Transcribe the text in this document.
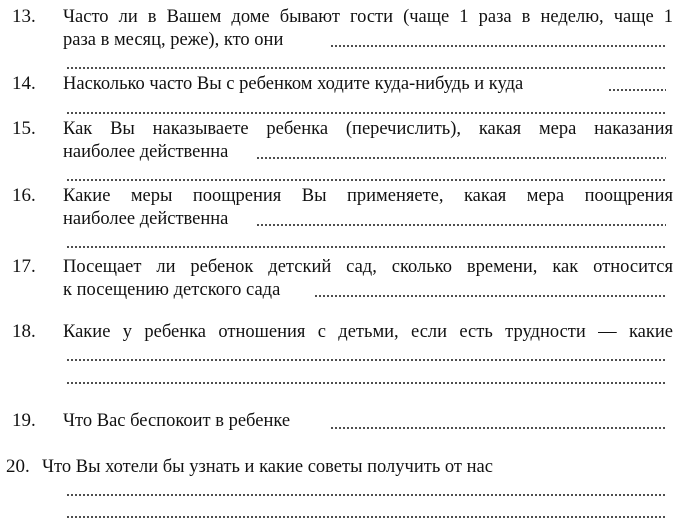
13. Часто ли в Вашем доме бывают гости (чаще 1 раза в неделю, чаще 1
раза в месяц, реже), кто они
14. Насколько часто Вы с ребенком ходите куда-нибудь и куда
15. Как Вы наказываете ребенка (перечислить), какая мера наказания
наиболее действенна
16. Какие меры поощрения Вы применяете, какая мера поощрения
наиболее действенна
17. Посещает ли ребенок детский сад, сколько времени, как относится
к посещению детского сада
18. Какие у ребенка отношения с детьми, если есть трудности — какие
19. Что Вас беспокоит в ребенке
20. Что Вы хотели бы узнать и какие советы получить от нас
